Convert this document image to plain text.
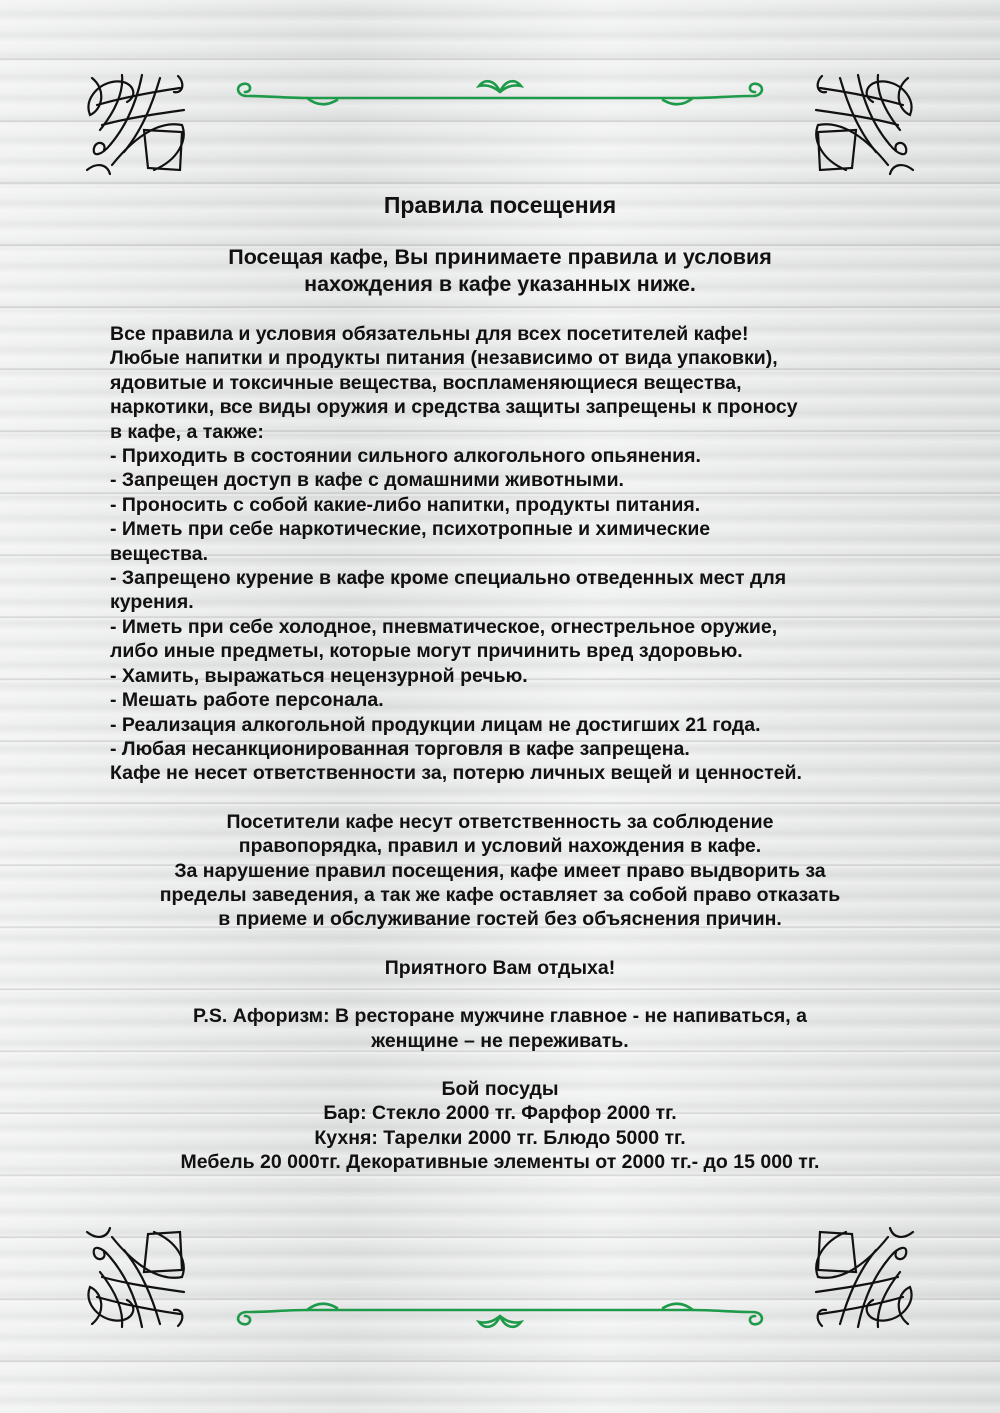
Правила посещения
Посещая кафе, Вы принимаете правила и условия
нахождения в кафе указанных ниже.

Все правила и условия обязательны для всех посетителей кафе!

Любые напитки и продукты питания (независимо от вида упаковки),

ядовитые и токсичные вещества, воспламеняющиеся вещества,

наркотики, все виды оружия и средства защиты запрещены к проносу

в кафе, а также:

- Приходить в состоянии сильного алкогольного опьянения.

- Запрещен доступ в кафе с домашними животными.

- Проносить с собой какие-либо напитки, продукты питания.

- Иметь при себе наркотические, психотропные и химические

вещества.

- Запрещено курение в кафе кроме специально отведенных мест для

курения.

- Иметь при себе холодное, пневматическое, огнестрельное оружие,

либо иные предметы, которые могут причинить вред здоровью.

- Хамить, выражаться нецензурной речью.

- Мешать работе персонала.

- Реализация алкогольной продукции лицам не достигших 21 года.

- Любая несанкционированная торговля в кафе запрещена.

Кафе не несет ответственности за, потерю личных вещей и ценностей.

Посетители кафе несут ответственность за соблюдение

правопорядка, правил и условий нахождения в кафе.

За нарушение правил посещения, кафе имеет право выдворить за

пределы заведения, а так же кафе оставляет за собой право отказать

в приеме и обслуживание гостей без объяснения причин.

Приятного Вам отдыха!

P.S. Афоризм: В ресторане мужчине главное - не напиваться, а

женщине – не переживать.

Бой посуды

Бар: Стекло 2000 тг. Фарфор 2000 тг.

Кухня: Тарелки 2000 тг. Блюдо 5000 тг.

Мебель 20 000тг. Декоративные элементы от 2000 тг.- до 15 000 тг.
